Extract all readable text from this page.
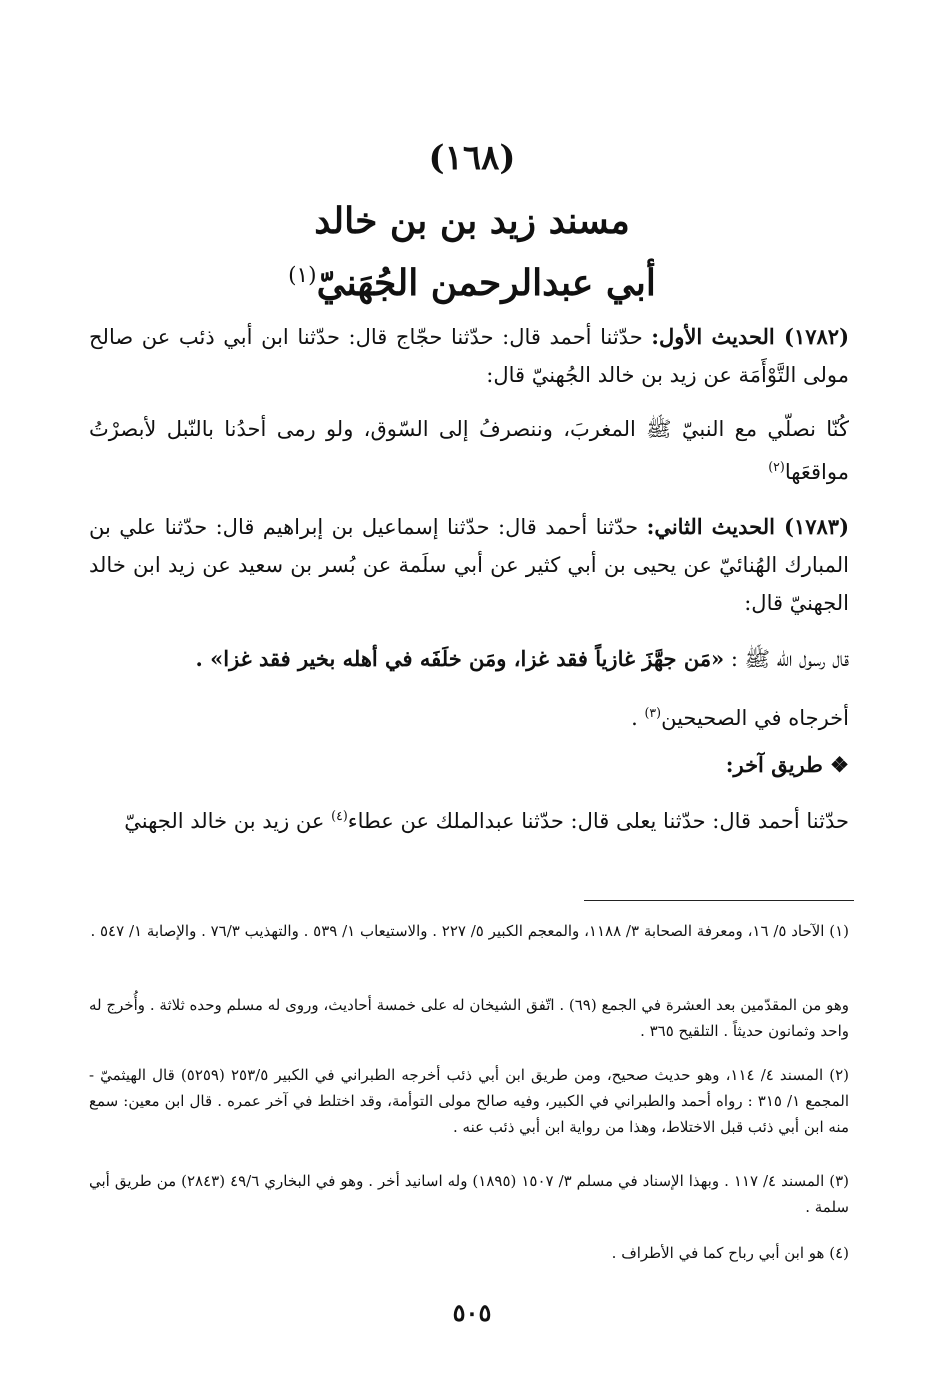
(١٦٨)
مسند زيد بن بن خالد
أبي عبدالرحمن الجُهَنيّ$^{(١)}$
(١٧٨٢) الحديث الأول: حدّثنا أحمد قال: حدّثنا حجّاج قال: حدّثنا ابن أبي ذئب عن صالح مولى التَّوْأَمَة عن زيد بن خالد الجُهنيّ قال:
كُنّا نصلّي مع النبيّ ﷺ المغربَ، وننصرفُ إلى السّوق، ولو رمى أحدُنا بالنّبل لأبصرْتُ مواقعَها$^{(٢)}$
(١٧٨٣) الحديث الثاني: حدّثنا أحمد قال: حدّثنا إسماعيل بن إبراهيم قال: حدّثنا علي بن المبارك الهُنائيّ عن يحيى بن أبي كثير عن أبي سلَمة عن بُسر بن سعيد عن زيد ابن خالد الجهنيّ قال:
قال رسول الله ﷺ : «مَن جهَّزَ غازياً فقد غزا، ومَن خلَفَه في أهله بخير فقد غزا» .
أخرجاه في الصحيحين$^{(٣)}$ .
❖ طريق آخر:
حدّثنا أحمد قال: حدّثنا يعلى قال: حدّثنا عبدالملك عن عطاء$^{(٤)}$ عن زيد بن خالد الجهنيّ
(١) الآحاد ٥/ ١٦، ومعرفة الصحابة ٣/ ١١٨٨، والمعجم الكبير ٥/ ٢٢٧ . والاستيعاب ١/ ٥٣٩ . والتهذيب ٧٦/٣ . والإصابة ١/ ٥٤٧ .
وهو من المقدّمين بعد العشرة في الجمع (٦٩) . اتّفق الشيخان له على خمسة أحاديث، وروى له مسلم وحده ثلاثة . وأُخرج له واحد وثمانون حديثاً . التلقيح ٣٦٥ .
(٢) المسند ٤/ ١١٤، وهو حديث صحيح، ومن طريق ابن أبي ذئب أخرجه الطبراني في الكبير ٢٥٣/٥ (٥٢٥٩) قال الهيثميّ - المجمع ١/ ٣١٥ : رواه أحمد والطبراني في الكبير، وفيه صالح مولى التوأمة، وقد اختلط في آخر عمره . قال ابن معين: سمع منه ابن أبي ذئب قبل الاختلاط، وهذا من رواية ابن أبي ذئب عنه .
(٣) المسند ٤/ ١١٧ . وبهذا الإسناد في مسلم ٣/ ١٥٠٧ (١٨٩٥) وله اسانيد أخر . وهو في البخاري ٤٩/٦ (٢٨٤٣) من طريق أبي سلمة .
(٤) هو ابن أبي رباح كما في الأطراف .
٥٠٥
